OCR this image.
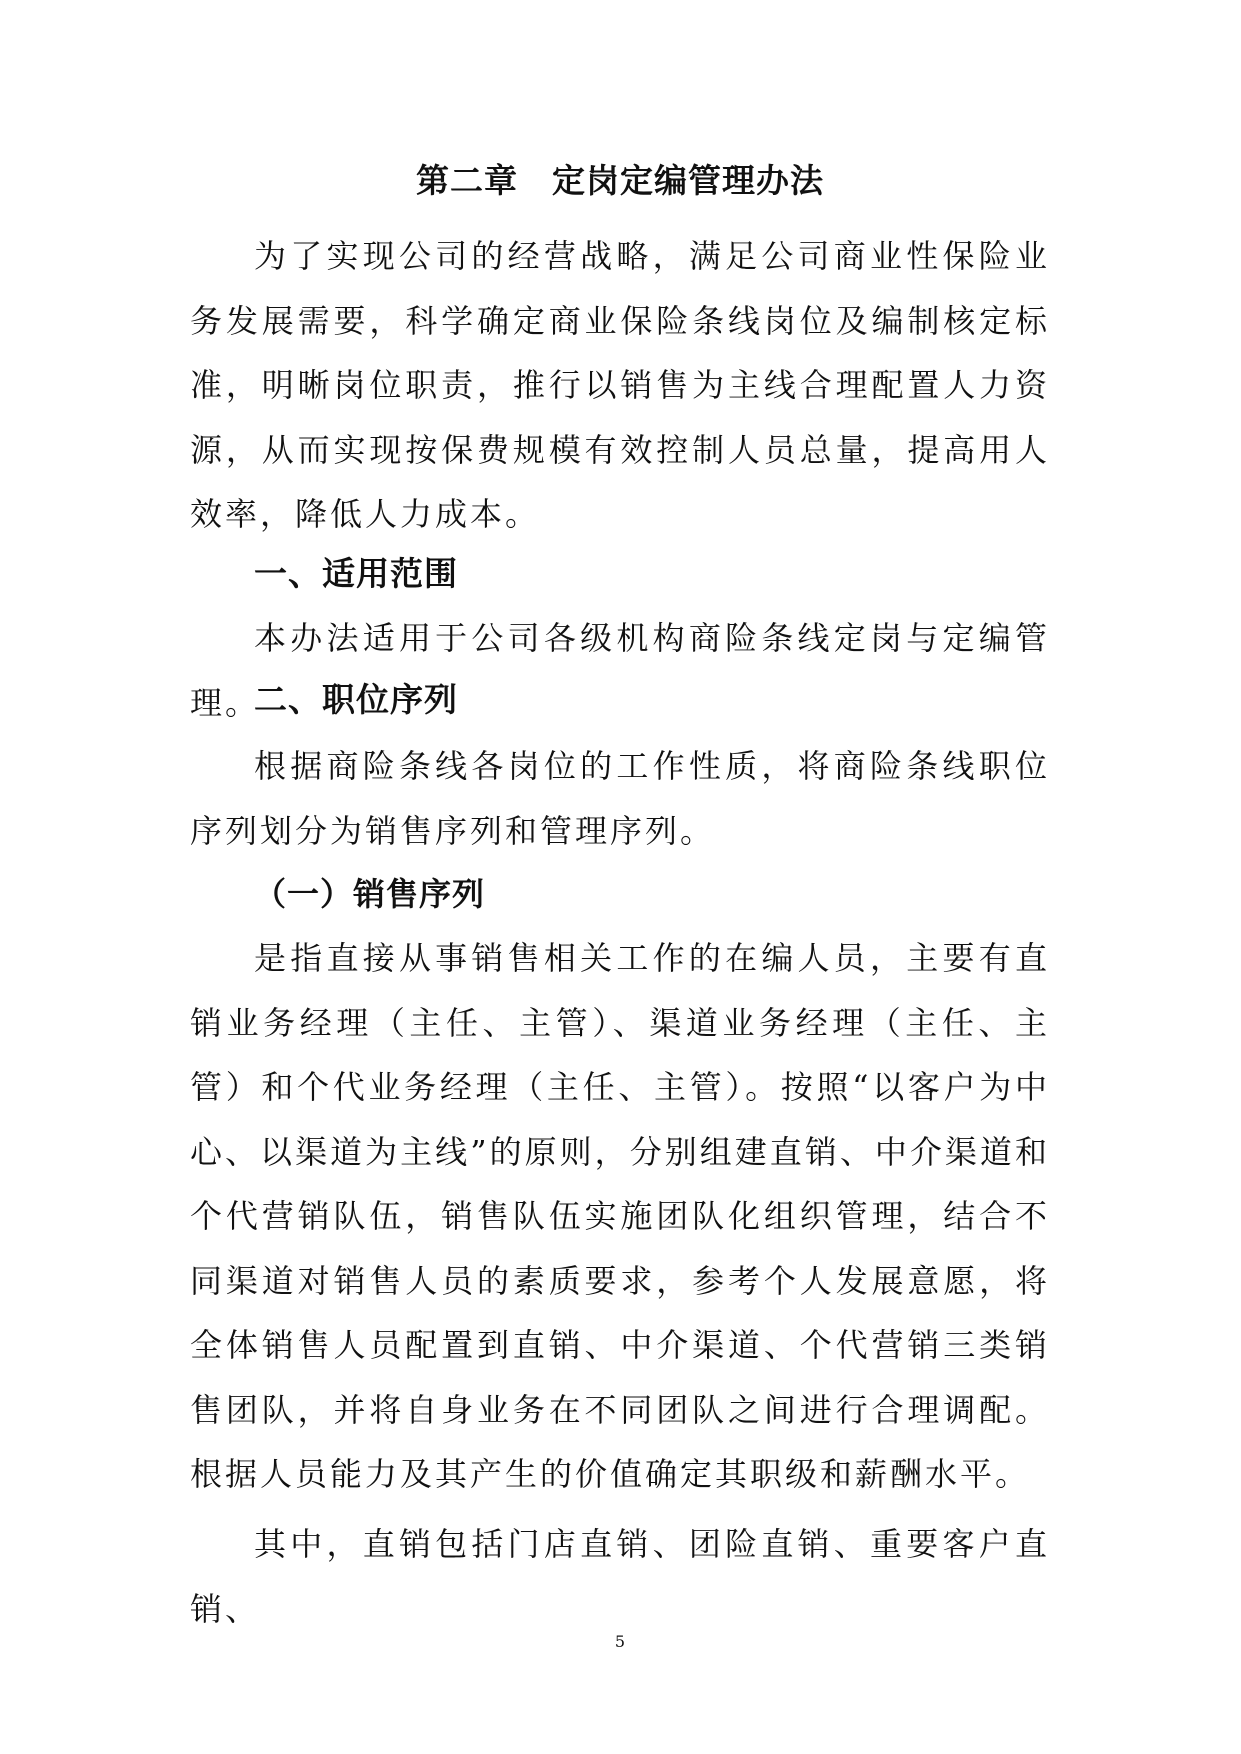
第二章　定岗定编管理办法

为了实现公司的经营战略，满足公司商业性保险业务发展需要，科学确定商业保险条线岗位及编制核定标准，明晰岗位职责，推行以销售为主线合理配置人力资源，从而实现按保费规模有效控制人员总量，提高用人效率，降低人力成本。

一、适用范围

本办法适用于公司各级机构商险条线定岗与定编管理。

二、职位序列

根据商险条线各岗位的工作性质，将商险条线职位序列划分为销售序列和管理序列。

（一）销售序列

是指直接从事销售相关工作的在编人员，主要有直销业务经理（主任、主管）、渠道业务经理（主任、主管）和个代业务经理（主任、主管）。按照“以客户为中心、以渠道为主线”的原则，分别组建直销、中介渠道和个代营销队伍，销售队伍实施团队化组织管理，结合不同渠道对销售人员的素质要求，参考个人发展意愿，将全体销售人员配置到直销、中介渠道、个代营销三类销售团队，并将自身业务在不同团队之间进行合理调配。根据人员能力及其产生的价值确定其职级和薪酬水平。

其中，直销包括门店直销、团险直销、重要客户直销、

5
